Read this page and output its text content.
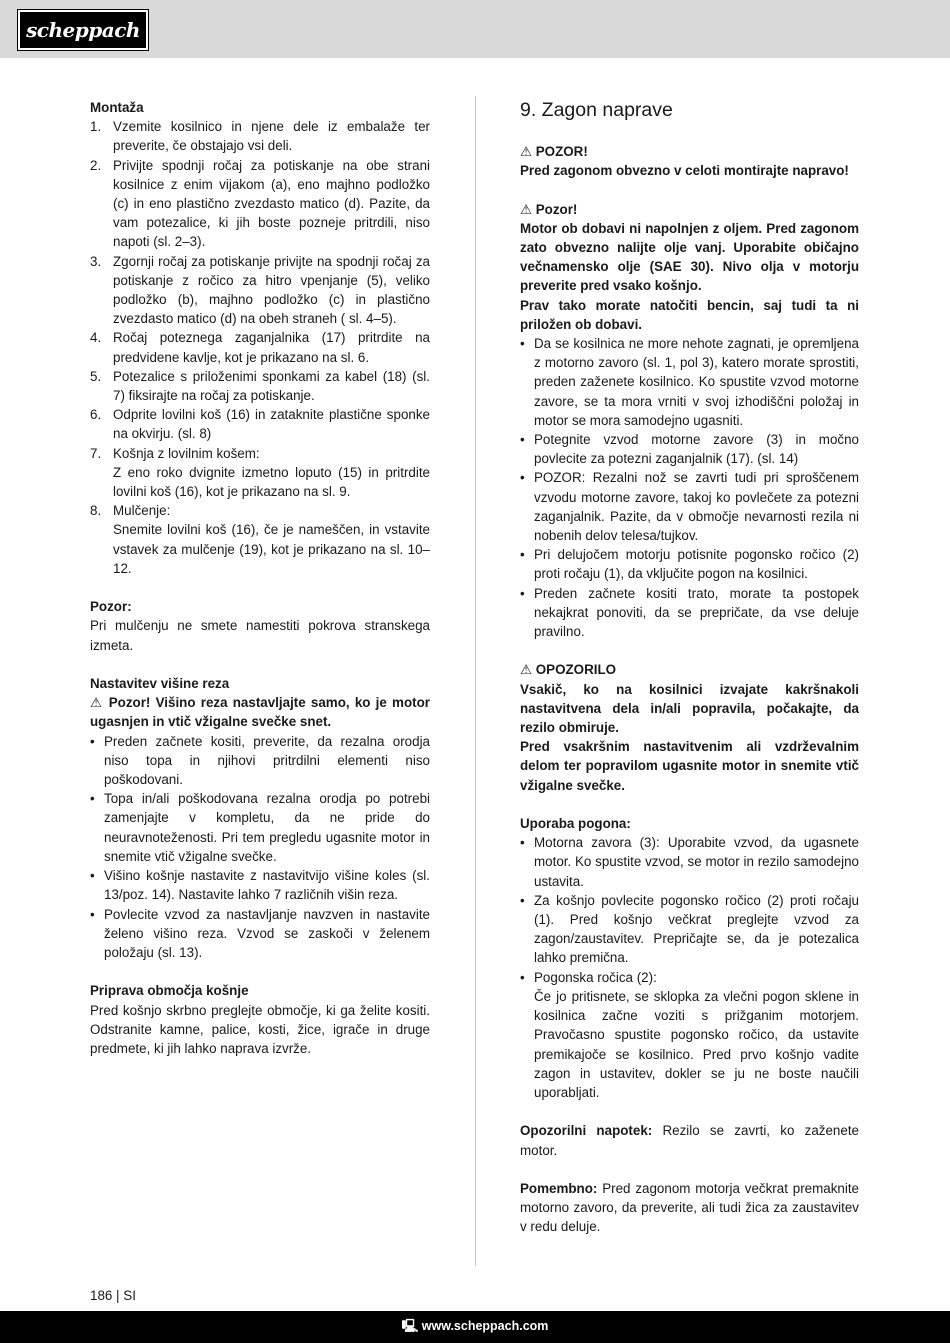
scheppach

Montaža

1. Vzemite kosilnico in njene dele iz embalaže ter preverite, če obstajajo vsi deli.
2. Privijte spodnji ročaj za potiskanje na obe strani kosilnice z enim vijakom (a), eno majhno podložko (c) in eno plastično zvezdasto matico (d). Pazite, da vam potezalice, ki jih boste pozneje pritrdili, niso napoti (sl. 2–3).
3. Zgornji ročaj za potiskanje privijte na spodnji ročaj za potiskanje z ročico za hitro vpenjanje (5), veliko podložko (b), majhno podložko (c) in plastično zvezdasto matico (d) na obeh straneh ( sl. 4–5).
4. Ročaj poteznega zaganjalnika (17) pritrdite na predvidene kavlje, kot je prikazano na sl. 6.
5. Potezalice s priloženimi sponkami za kabel (18) (sl. 7) fiksirajte na ročaj za potiskanje.
6. Odprite lovilni koš (16) in zataknite plastične sponke na okvirju. (sl. 8)
7. Košnja z lovilnim košem:
Z eno roko dvignite izmetno loputo (15) in pritrdite lovilni koš (16), kot je prikazano na sl. 9.
8. Mulčenje:
Snemite lovilni koš (16), če je nameščen, in vstavite vstavek za mulčenje (19), kot je prikazano na sl. 10–12.

Pozor:

Pri mulčenju ne smete namestiti pokrova stranskega izmeta.

Nastavitev višine reza

⚠ Pozor! Višino reza nastavljajte samo, ko je motor ugasnjen in vtič vžigalne svečke snet.

• Preden začnete kositi, preverite, da rezalna orodja niso topa in njihovi pritrdilni elementi niso poškodovani.
• Topa in/ali poškodovana rezalna orodja po potrebi zamenjajte v kompletu, da ne pride do neuravnoteženosti. Pri tem pregledu ugasnite motor in snemite vtič vžigalne svečke.
• Višino košnje nastavite z nastavitvijo višine koles (sl. 13/poz. 14). Nastavite lahko 7 različnih višin reza.
• Povlecite vzvod za nastavljanje navzven in nastavite želeno višino reza. Vzvod se zaskoči v želenem položaju (sl. 13).

Priprava območja košnje

Pred košnjo skrbno preglejte območje, ki ga želite kositi. Odstranite kamne, palice, kosti, žice, igrače in druge predmete, ki jih lahko naprava izvrže.

9. Zagon naprave

⚠ POZOR!

Pred zagonom obvezno v celoti montirajte napravo!

⚠ Pozor!

Motor ob dobavi ni napolnjen z oljem. Pred zagonom zato obvezno nalijte olje vanj. Uporabite običajno večnamensko olje (SAE 30). Nivo olja v motorju preverite pred vsako košnjo.

Prav tako morate natočiti bencin, saj tudi ta ni priložen ob dobavi.

• Da se kosilnica ne more nehote zagnati, je opremljena z motorno zavoro (sl. 1, pol 3), katero morate sprostiti, preden zaženete kosilnico. Ko spustite vzvod motorne zavore, se ta mora vrniti v svoj izhodiščni položaj in motor se mora samodejno ugasniti.
• Potegnite vzvod motorne zavore (3) in močno povlecite za potezni zaganjalnik (17). (sl. 14)
• POZOR: Rezalni nož se zavrti tudi pri sproščenem vzvodu motorne zavore, takoj ko povlečete za potezni zaganjalnik. Pazite, da v območje nevarnosti rezila ni nobenih delov telesa/tujkov.
• Pri delujočem motorju potisnite pogonsko ročico (2) proti ročaju (1), da vključite pogon na kosilnici.
• Preden začnete kositi trato, morate ta postopek nekajkrat ponoviti, da se prepričate, da vse deluje pravilno.

⚠ OPOZORILO

Vsakič, ko na kosilnici izvajate kakršnakoli nastavitvena dela in/ali popravila, počakajte, da rezilo obmiruje.

Pred vsakršnim nastavitvenim ali vzdrževalnim delom ter popravilom ugasnite motor in snemite vtič vžigalne svečke.

Uporaba pogona:

• Motorna zavora (3): Uporabite vzvod, da ugasnete motor. Ko spustite vzvod, se motor in rezilo samodejno ustavita.
• Za košnjo povlecite pogonsko ročico (2) proti ročaju (1). Pred košnjo večkrat preglejte vzvod za zagon/zaustavitev. Prepričajte se, da je potezalica lahko premična.
• Pogonska ročica (2):
Če jo pritisnete, se sklopka za vlečni pogon sklene in kosilnica začne voziti s prižganim motorjem. Pravočasno spustite pogonsko ročico, da ustavite premikajoče se kosilnico. Pred prvo košnjo vadite zagon in ustavitev, dokler se ju ne boste naučili uporabljati.

Opozorilni napotek: Rezilo se zavrti, ko zaženete motor.

Pomembno: Pred zagonom motorja večkrat premaknite motorno zavoro, da preverite, ali tudi žica za zaustavitev v redu deluje.

186 | SI
🖳 www.scheppach.com
